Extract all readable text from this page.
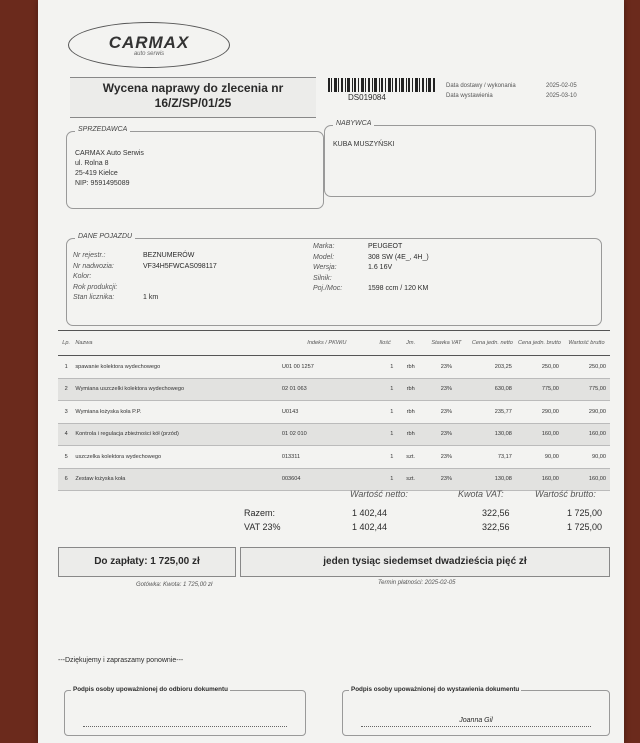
CARMAX
auto serwis
Wycena naprawy do zlecenia nr
16/Z/SP/01/25	DS019084
Data dostawy / wykonania	2025-02-05
Data wystawienia	2025-03-10
SPRZEDAWCA
CARMAX Auto Serwis
ul. Rolna 8
25-419 Kielce
NIP: 9591495089
NABYWCA
KUBA MUSZYŃSKI
DANE POJAZDU
Nr rejestr.:	BEZNUMERÓW
Nr nadwozia:	VF34H5FWCAS098117
Kolor:
Rok produkcji:
Stan licznika:	1 km
Marka:	PEUGEOT
Model:	308 SW (4E_, 4H_)
Wersja:	1.6 16V
Silnik:
Poj./Moc:	1598 ccm / 120 KM
Lp.	Nazwa	Indeks / PKWiU	Ilość	Jm.	Stawka VAT	Cena jedn. netto	Cena jedn. brutto	Wartość brutto
1	spawanie kolektora wydechowego	U01 00 1257	1	rbh	23%	203,25	250,00	250,00
2	Wymiana uszczelki kolektora wydechowego	02 01 063	1	rbh	23%	630,08	775,00	775,00
3	Wymiana łożyska koła P.P.	U0143	1	rbh	23%	235,77	290,00	290,00
4	Kontrola i regulacja zbieżności kół (przód)	01 02 010	1	rbh	23%	130,08	160,00	160,00
5	uszczelka kolektora wydechowego	013311	1	szt.	23%	73,17	90,00	90,00
6	Zestaw łożyska koła	003604	1	szt.	23%	130,08	160,00	160,00
Wartość netto:	Kwota VAT:	Wartość brutto:
Razem:	1 402,44	322,56	1 725,00
VAT 23%	1 402,44	322,56	1 725,00
Do zapłaty: 1 725,00 zł	jeden tysiąc siedemset dwadzieścia pięć zł
Gotówka: Kwota: 1 725,00 zł	Termin płatności: 2025-02-05
---Dziękujemy i zapraszamy ponownie---
Podpis osoby upoważnionej do odbioru dokumentu	Podpis osoby upoważnionej do wystawienia dokumentu
Joanna Gil
